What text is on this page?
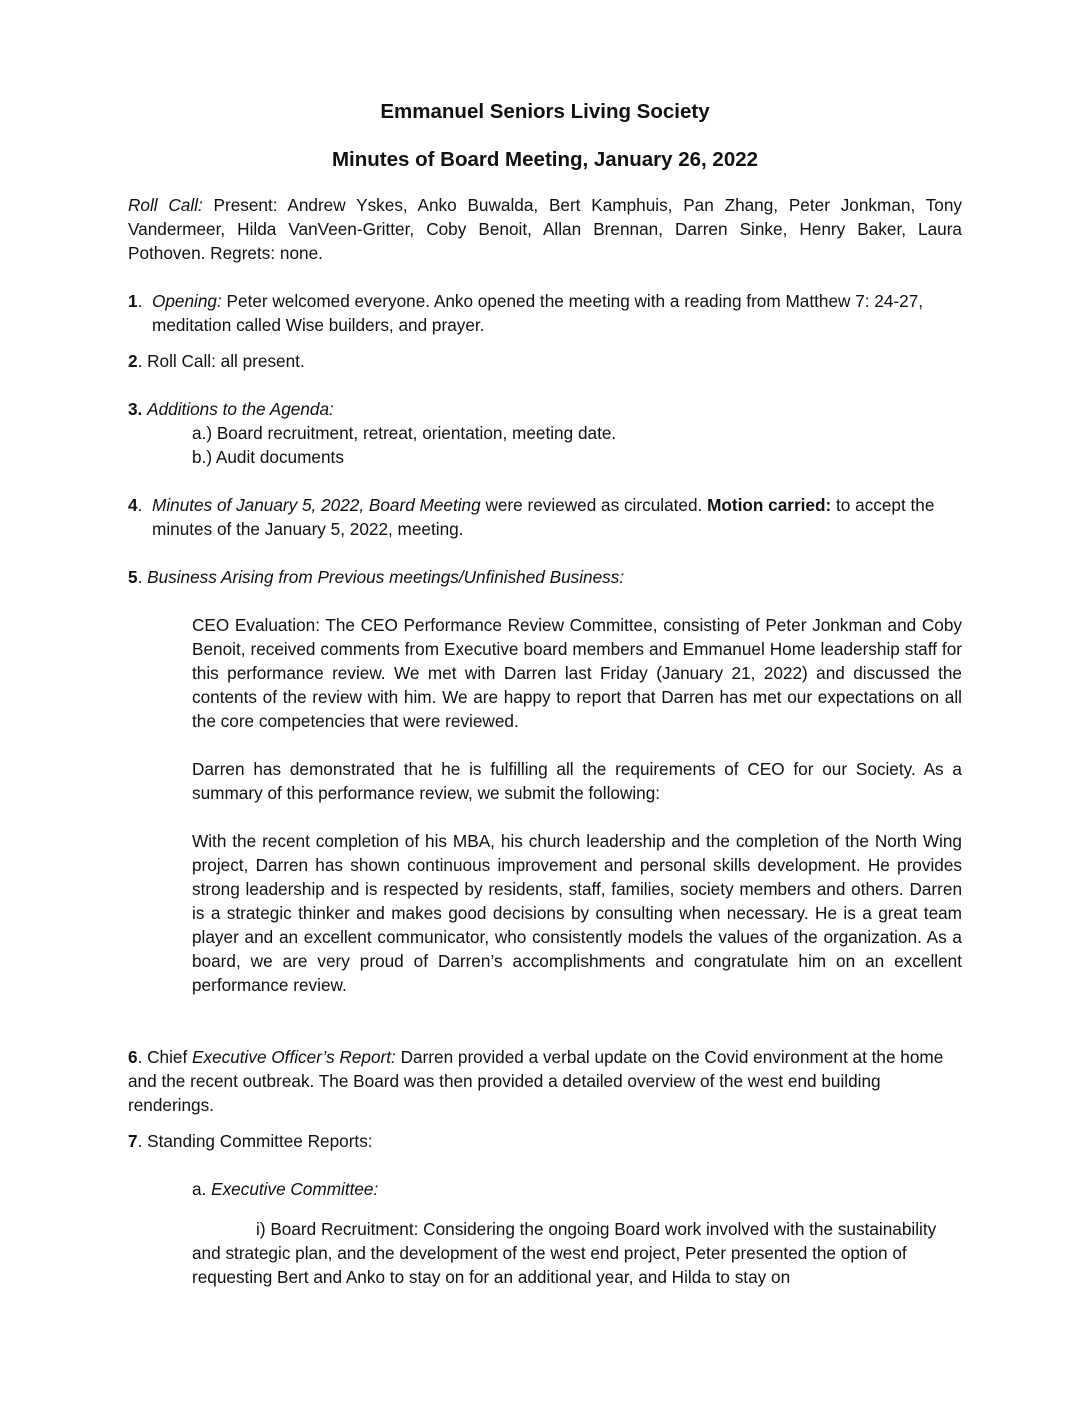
Emmanuel Seniors Living Society
Minutes of Board Meeting, January 26, 2022
Roll Call: Present: Andrew Yskes, Anko Buwalda, Bert Kamphuis, Pan Zhang, Peter Jonkman, Tony Vandermeer, Hilda VanVeen-Gritter, Coby Benoit, Allan Brennan, Darren Sinke, Henry Baker, Laura Pothoven. Regrets: none.
1. Opening: Peter welcomed everyone. Anko opened the meeting with a reading from Matthew 7: 24-27, meditation called Wise builders, and prayer.
2. Roll Call: all present.
3. Additions to the Agenda:
a.) Board recruitment, retreat, orientation, meeting date.
b.) Audit documents
4. Minutes of January 5, 2022, Board Meeting were reviewed as circulated. Motion carried: to accept the minutes of the January 5, 2022, meeting.
5. Business Arising from Previous meetings/Unfinished Business:
CEO Evaluation: The CEO Performance Review Committee, consisting of Peter Jonkman and Coby Benoit, received comments from Executive board members and Emmanuel Home leadership staff for this performance review. We met with Darren last Friday (January 21, 2022) and discussed the contents of the review with him. We are happy to report that Darren has met our expectations on all the core competencies that were reviewed.
Darren has demonstrated that he is fulfilling all the requirements of CEO for our Society. As a summary of this performance review, we submit the following:
With the recent completion of his MBA, his church leadership and the completion of the North Wing project, Darren has shown continuous improvement and personal skills development. He provides strong leadership and is respected by residents, staff, families, society members and others. Darren is a strategic thinker and makes good decisions by consulting when necessary. He is a great team player and an excellent communicator, who consistently models the values of the organization. As a board, we are very proud of Darren’s accomplishments and congratulate him on an excellent performance review.
6. Chief Executive Officer’s Report: Darren provided a verbal update on the Covid environment at the home and the recent outbreak. The Board was then provided a detailed overview of the west end building renderings.
7. Standing Committee Reports:
a. Executive Committee:
i) Board Recruitment: Considering the ongoing Board work involved with the sustainability and strategic plan, and the development of the west end project, Peter presented the option of requesting Bert and Anko to stay on for an additional year, and Hilda to stay on
